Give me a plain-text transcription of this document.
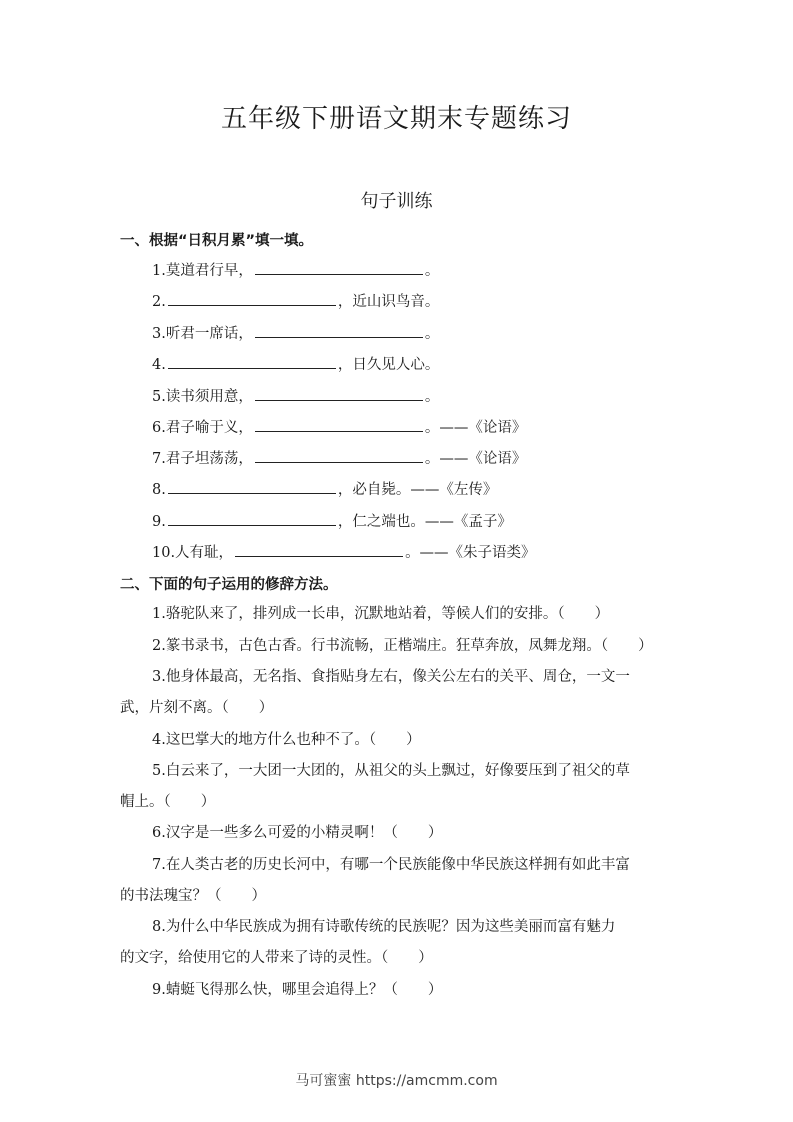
五年级下册语文期末专题练习
句子训练
一、根据“日积月累”填一填。
1.莫道君行早，	。
2.	，近山识鸟音。
3.听君一席话，	。
4.	，日久见人心。
5.读书须用意，	。
6.君子喻于义，	。——《论语》
7.君子坦荡荡，	。——《论语》
8.	，必自毙。——《左传》
9.	，仁之端也。——《孟子》
10.人有耻，	。——《朱子语类》
二、下面的句子运用的修辞方法。
1.骆驼队来了，排列成一长串，沉默地站着，等候人们的安排。（ ）
2.篆书录书，古色古香。行书流畅，正楷端庄。狂草奔放，凤舞龙翔。（ ）
3.他身体最高，无名指、食指贴身左右，像关公左右的关平、周仓，一文一
武，片刻不离。（ ）
4.这巴掌大的地方什么也种不了。（ ）
5.白云来了，一大团一大团的，从祖父的头上飘过，好像要压到了祖父的草
帽上。（ ）
6.汉字是一些多么可爱的小精灵啊！（ ）
7.在人类古老的历史长河中，有哪一个民族能像中华民族这样拥有如此丰富
的书法瑰宝？（ ）
8.为什么中华民族成为拥有诗歌传统的民族呢？因为这些美丽而富有魅力
的文字，给使用它的人带来了诗的灵性。（ ）
9.蜻蜓飞得那么快，哪里会追得上？（ ）
马可蜜蜜 https://amcmm.com
